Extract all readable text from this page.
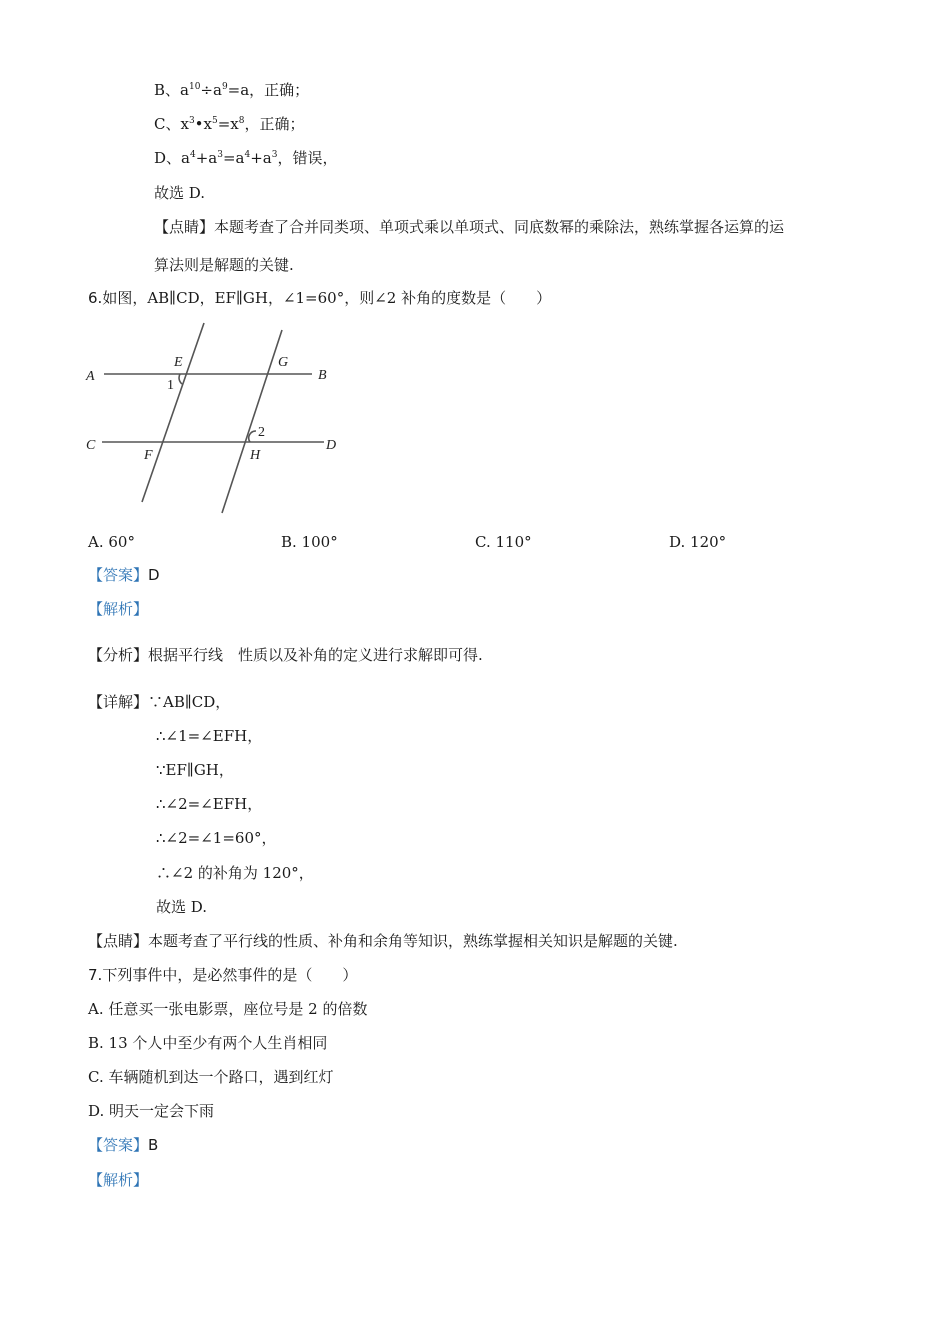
B、$a^{10}\div a^9=a$，正确；
C、$x^3•x^5=x^8$，正确；
D、$a^4+a^3=a^4+a^3$，错误，
故选 D.
【点睛】本题考查了合并同类项、单项式乘以单项式、同底数幂的乘除法，熟练掌握各运算的运
算法则是解题的关键.
6.如图，AB∥CD，EF∥GH，∠1=60°，则∠2 补角的度数是（　　）
A	B
C	D
E
F
G
H
1
2
A. 60°	B. 100°	C. 110°	D. 120°
【答案】D
【解析】
【分析】根据平行线　性质以及补角的定义进行求解即可得.
【详解】∵AB∥CD，
∴∠1=∠EFH，
∵EF∥GH，
∴∠2=∠EFH，
∴∠2=∠1=60°，
∴∠2 的补角为 120°，
故选 D.
【点睛】本题考查了平行线的性质、补角和余角等知识，熟练掌握相关知识是解题的关键.
7.下列事件中，是必然事件的是（　　）
A. 任意买一张电影票，座位号是 2 的倍数
B. 13 个人中至少有两个人生肖相同
C. 车辆随机到达一个路口，遇到红灯
D. 明天一定会下雨
【答案】B
【解析】
